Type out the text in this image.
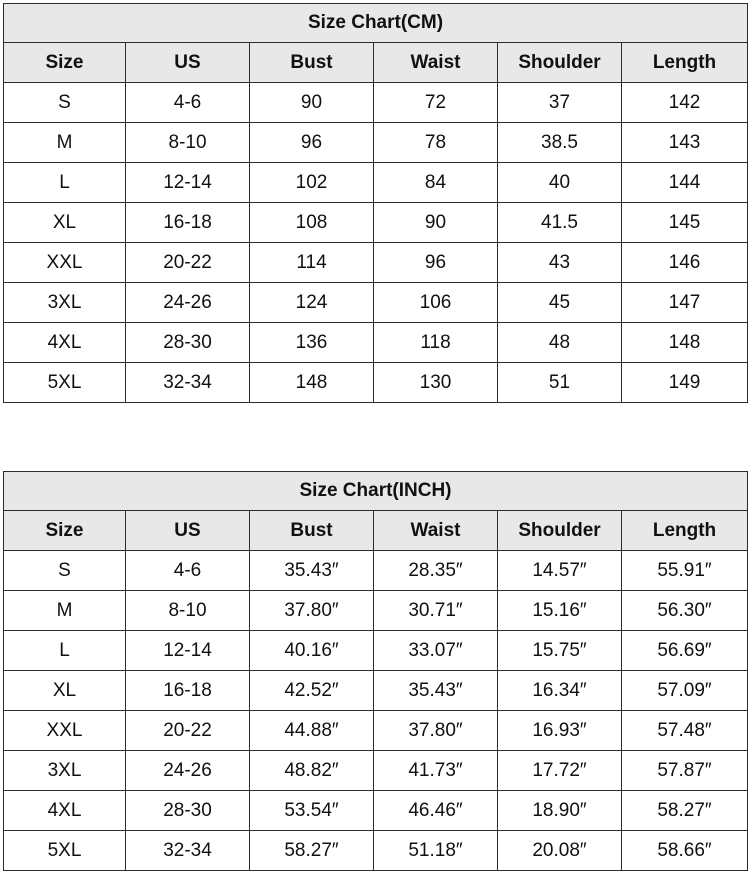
Size Chart(CM)					
Size	US	Bust	Waist	Shoulder	Length
S	4-6	90	72	37	142
M	8-10	96	78	38.5	143
L	12-14	102	84	40	144
XL	16-18	108	90	41.5	145
XXL	20-22	114	96	43	146
3XL	24-26	124	106	45	147
4XL	28-30	136	118	48	148
5XL	32-34	148	130	51	149
Size Chart(INCH)					
Size	US	Bust	Waist	Shoulder	Length
S	4-6	35.43″	28.35″	14.57″	55.91″
M	8-10	37.80″	30.71″	15.16″	56.30″
L	12-14	40.16″	33.07″	15.75″	56.69″
XL	16-18	42.52″	35.43″	16.34″	57.09″
XXL	20-22	44.88″	37.80″	16.93″	57.48″
3XL	24-26	48.82″	41.73″	17.72″	57.87″
4XL	28-30	53.54″	46.46″	18.90″	58.27″
5XL	32-34	58.27″	51.18″	20.08″	58.66″
